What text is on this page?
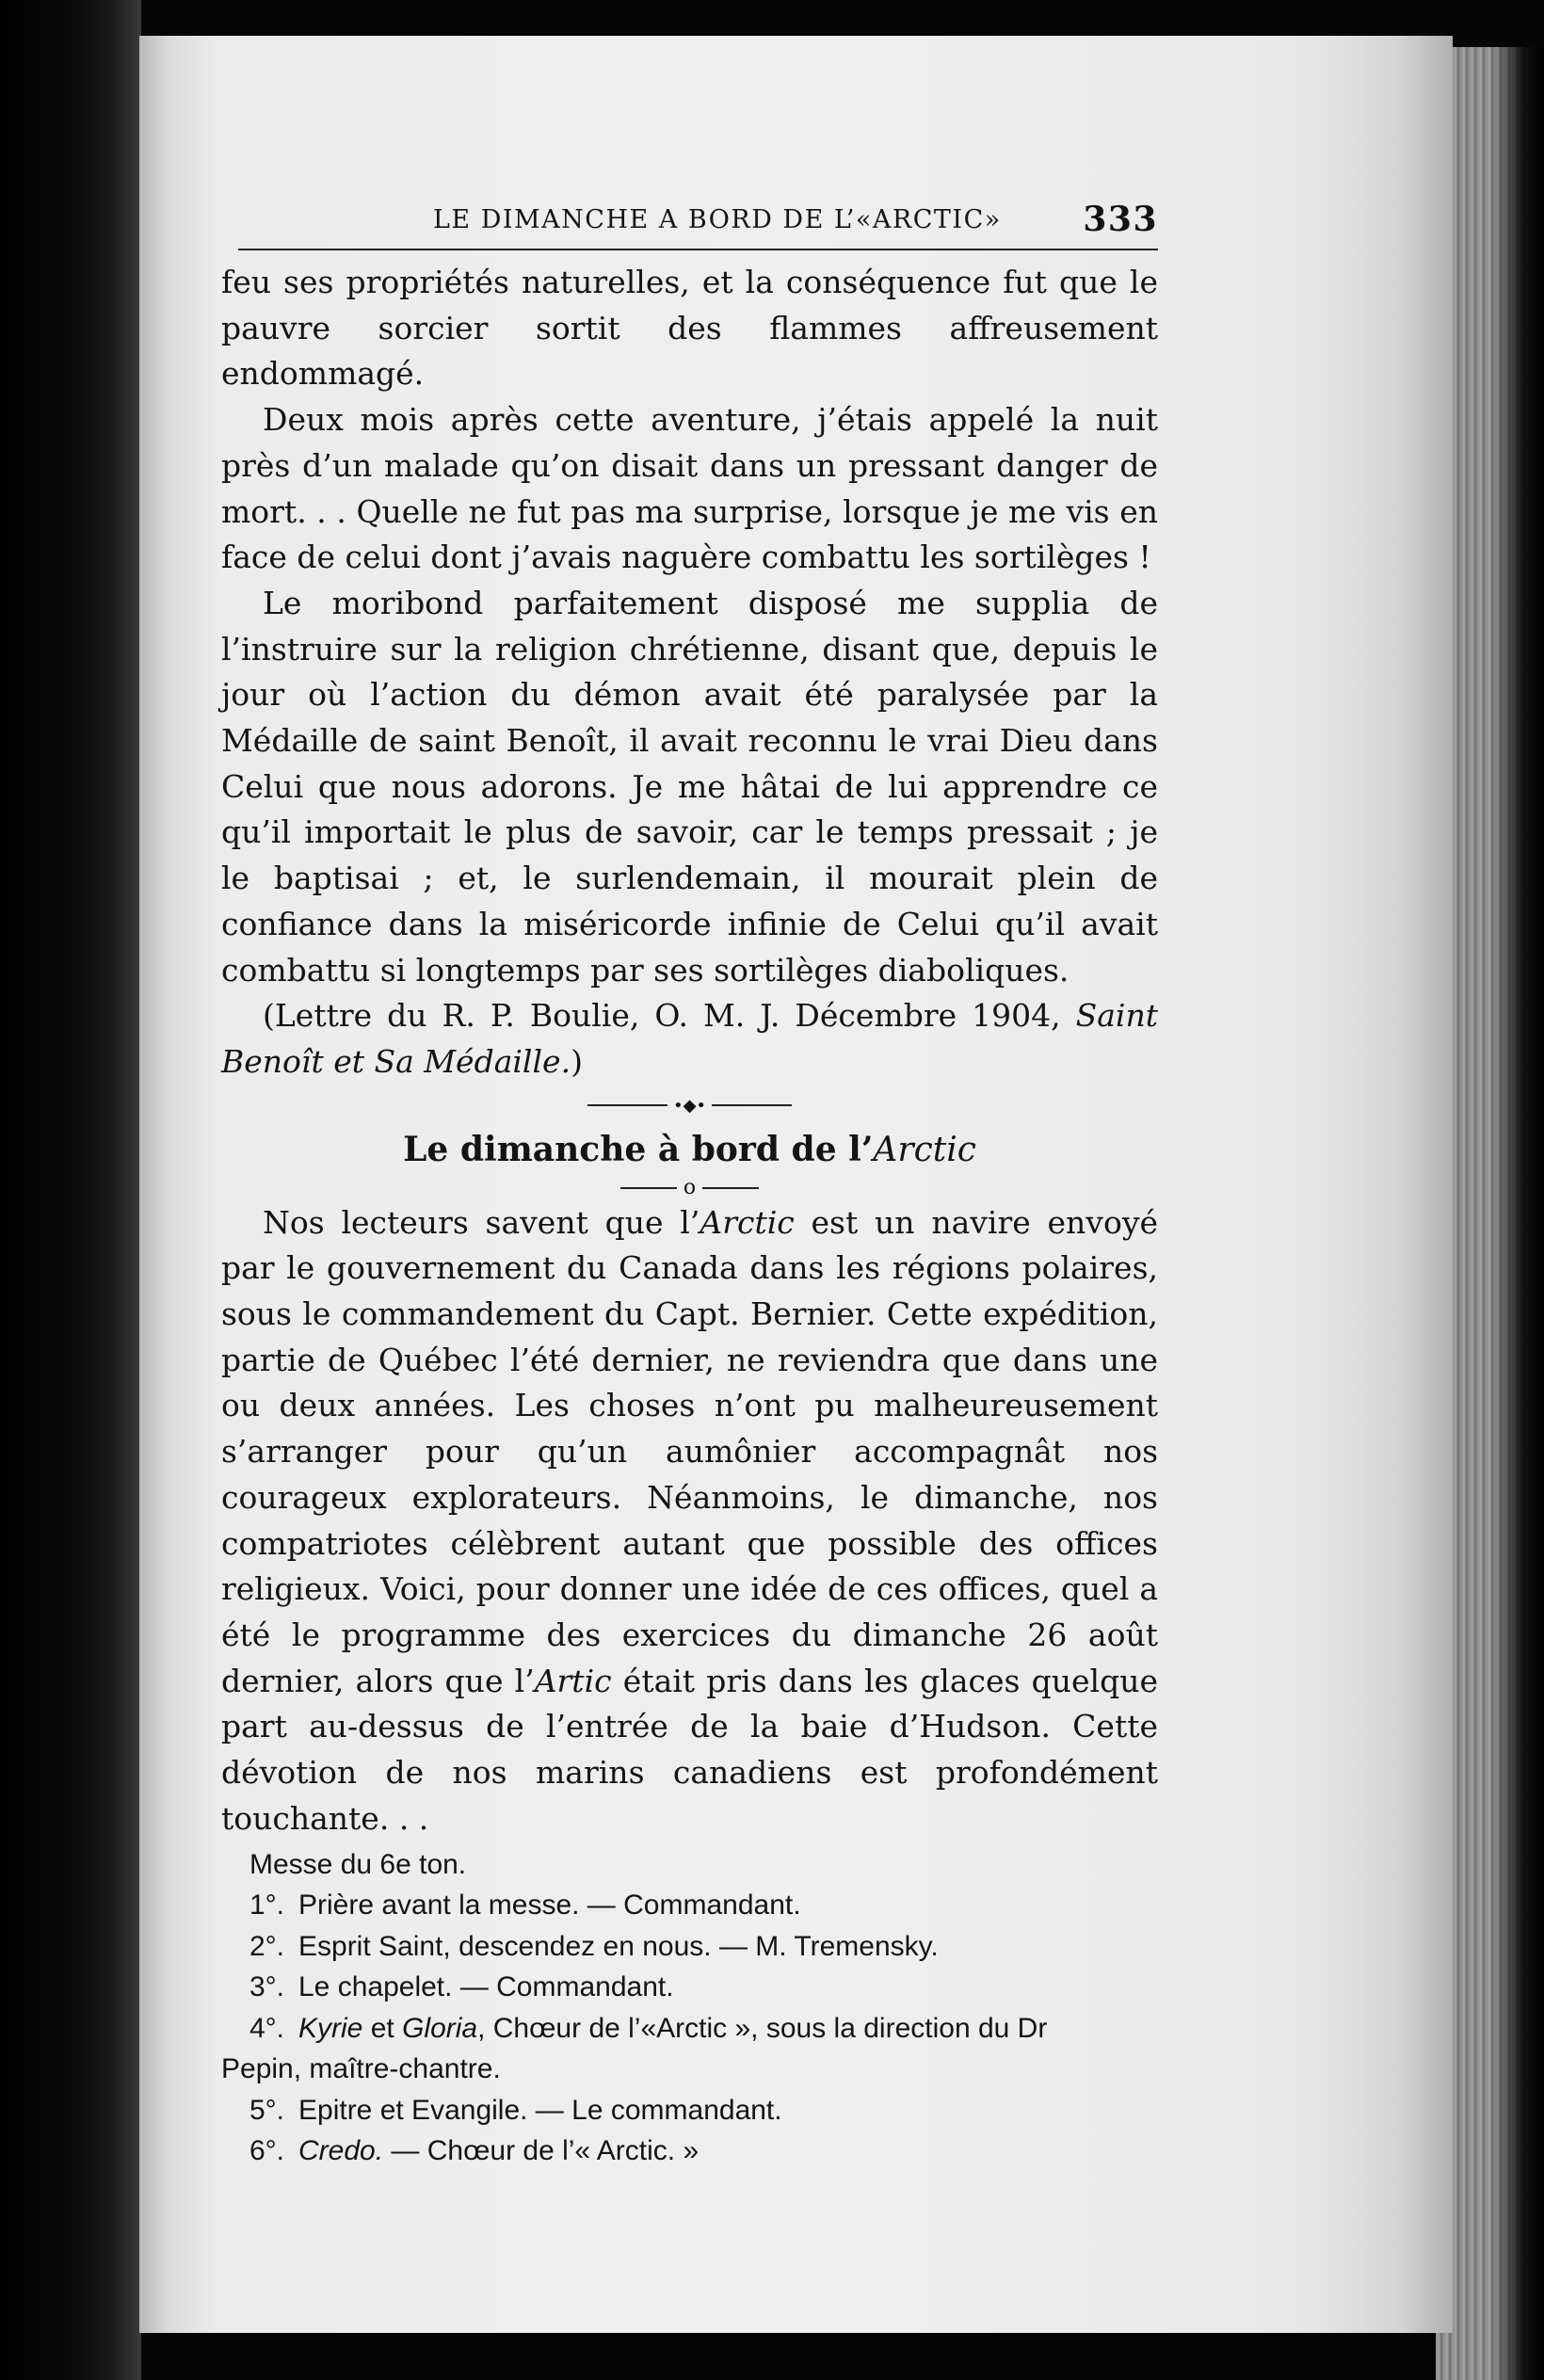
LE DIMANCHE A BORD DE L’«ARCTIC» 333

feu ses propriétés naturelles, et la conséquence fut que le pauvre sorcier sortit des flammes affreusement endommagé.

Deux mois après cette aventure, j’étais appelé la nuit près d’un malade qu’on disait dans un pressant danger de mort. . . Quelle ne fut pas ma surprise, lorsque je me vis en face de celui dont j’avais naguère combattu les sortilèges !

Le moribond parfaitement disposé me supplia de l’instruire sur la religion chrétienne, disant que, depuis le jour où l’action du démon avait été paralysée par la Médaille de saint Benoît, il avait reconnu le vrai Dieu dans Celui que nous adorons. Je me hâtai de lui apprendre ce qu’il importait le plus de savoir, car le temps pressait ; je le baptisai ; et, le surlendemain, il mourait plein de confiance dans la miséricorde infinie de Celui qu’il avait combattu si longtemps par ses sortilèges diaboliques.

(Lettre du R. P. Boulie, O. M. J. Décembre 1904, Saint Benoît et Sa Médaille.)

•◆•
Le dimanche à bord de l’Arctic
o

Nos lecteurs savent que l’Arctic est un navire envoyé par le gouvernement du Canada dans les régions polaires, sous le commandement du Capt. Bernier. Cette expédition, partie de Québec l’été dernier, ne reviendra que dans une ou deux années. Les choses n’ont pu malheureusement s’arranger pour qu’un aumônier accompagnât nos courageux explorateurs. Néanmoins, le dimanche, nos compatriotes célèbrent autant que possible des offices religieux. Voici, pour donner une idée de ces offices, quel a été le programme des exercices du dimanche 26 août dernier, alors que l’Artic était pris dans les glaces quelque part au-dessus de l’entrée de la baie d’Hudson. Cette dévotion de nos marins canadiens est profondément touchante. . .

Messe du 6e ton.
1°. Prière avant la messe. — Commandant.
2°. Esprit Saint, descendez en nous. — M. Tremensky.
3°. Le chapelet. — Commandant.
4°. Kyrie et Gloria, Chœur de l’«Arctic », sous la direction du Dr
Pepin, maître-chantre.
5°. Epitre et Evangile. — Le commandant.
6°. Credo. — Chœur de l’« Arctic. »
